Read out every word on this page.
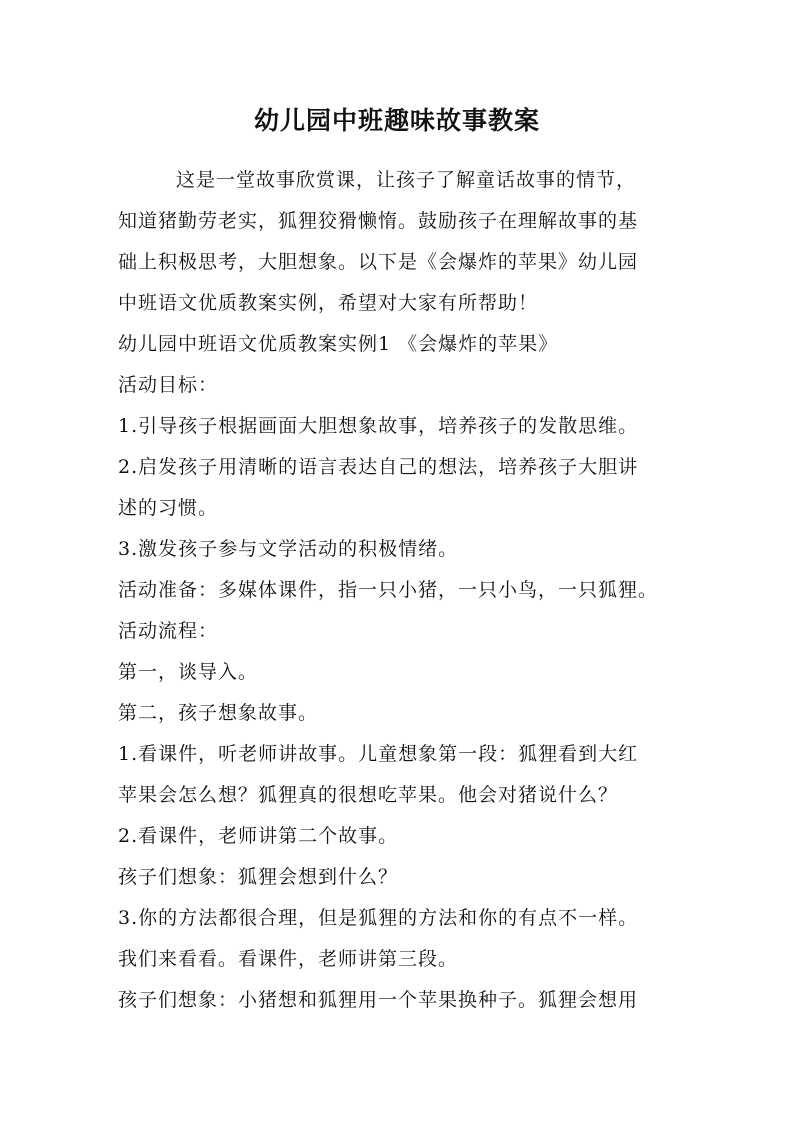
幼儿园中班趣味故事教案
这是一堂故事欣赏课，让孩子了解童话故事的情节，
知道猪勤劳老实，狐狸狡猾懒惰。鼓励孩子在理解故事的基
础上积极思考，大胆想象。以下是《会爆炸的苹果》幼儿园
中班语文优质教案实例，希望对大家有所帮助！
幼儿园中班语文优质教案实例1 《会爆炸的苹果》
活动目标：
1.引导孩子根据画面大胆想象故事，培养孩子的发散思维。
2.启发孩子用清晰的语言表达自己的想法，培养孩子大胆讲
述的习惯。
3.激发孩子参与文学活动的积极情绪。
活动准备：多媒体课件，指一只小猪，一只小鸟，一只狐狸。
活动流程：
第一，谈导入。
第二，孩子想象故事。
1.看课件，听老师讲故事。儿童想象第一段：狐狸看到大红
苹果会怎么想？狐狸真的很想吃苹果。他会对猪说什么？
2.看课件，老师讲第二个故事。
孩子们想象：狐狸会想到什么？
3.你的方法都很合理，但是狐狸的方法和你的有点不一样。
我们来看看。看课件，老师讲第三段。
孩子们想象：小猪想和狐狸用一个苹果换种子。狐狸会想用
